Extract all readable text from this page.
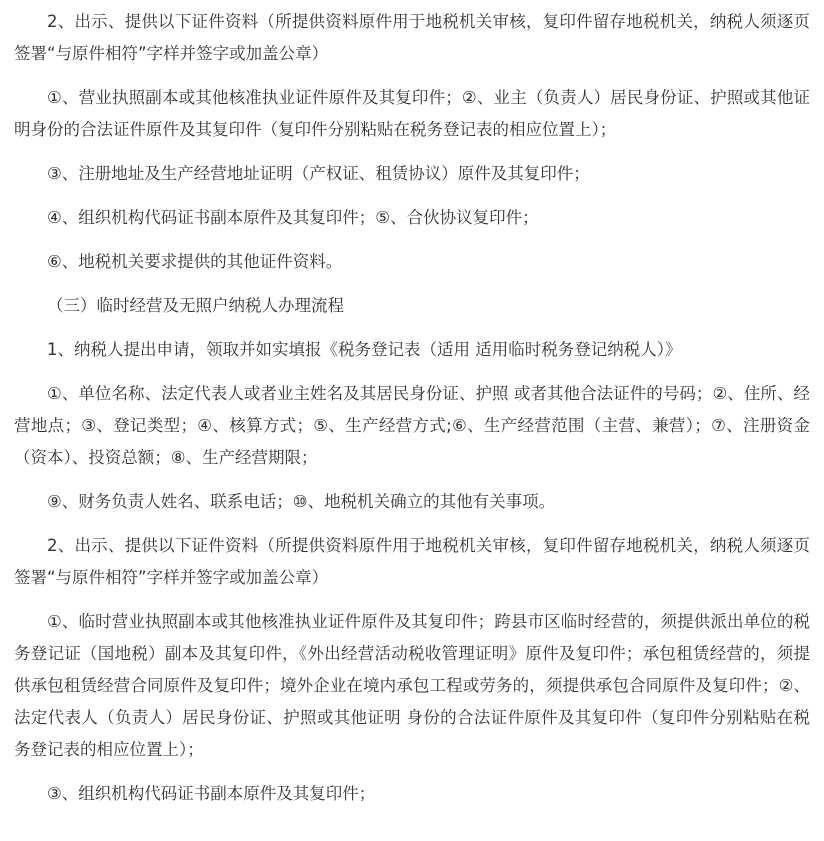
2、出示、提供以下证件资料（所提供资料原件用于地税机关审核，复印件留存地税机关，纳税人须逐页签署“与原件相符”字样并签字或加盖公章）

①、营业执照副本或其他核准执业证件原件及其复印件；②、业主（负责人）居民身份证、护照或其他证明身份的合法证件原件及其复印件（复印件分别粘贴在税务登记表的相应位置上）；

③、注册地址及生产经营地址证明（产权证、租赁协议）原件及其复印件；

④、组织机构代码证书副本原件及其复印件；⑤、合伙协议复印件；

⑥、地税机关要求提供的其他证件资料。

（三）临时经营及无照户纳税人办理流程

1、纳税人提出申请，领取并如实填报《税务登记表（适用 适用临时税务登记纳税人）》

①、单位名称、法定代表人或者业主姓名及其居民身份证、护照 或者其他合法证件的号码；②、住所、经营地点；③、登记类型；④、核算方式；⑤、生产经营方式;⑥、生产经营范围（主营、兼营）；⑦、注册资金（资本）、投资总额；⑧、生产经营期限；

⑨、财务负责人姓名、联系电话；⑩、地税机关确立的其他有关事项。

2、出示、提供以下证件资料（所提供资料原件用于地税机关审核，复印件留存地税机关，纳税人须逐页签署“与原件相符”字样并签字或加盖公章）

①、临时营业执照副本或其他核准执业证件原件及其复印件；跨县市区临时经营的，须提供派出单位的税务登记证（国地税）副本及其复印件，《外出经营活动税收管理证明》原件及复印件；承包租赁经营的，须提供承包租赁经营合同原件及复印件；境外企业在境内承包工程或劳务的，须提供承包合同原件及复印件；②、法定代表人（负责人）居民身份证、护照或其他证明 身份的合法证件原件及其复印件（复印件分别粘贴在税务登记表的相应位置上）；

③、组织机构代码证书副本原件及其复印件；
